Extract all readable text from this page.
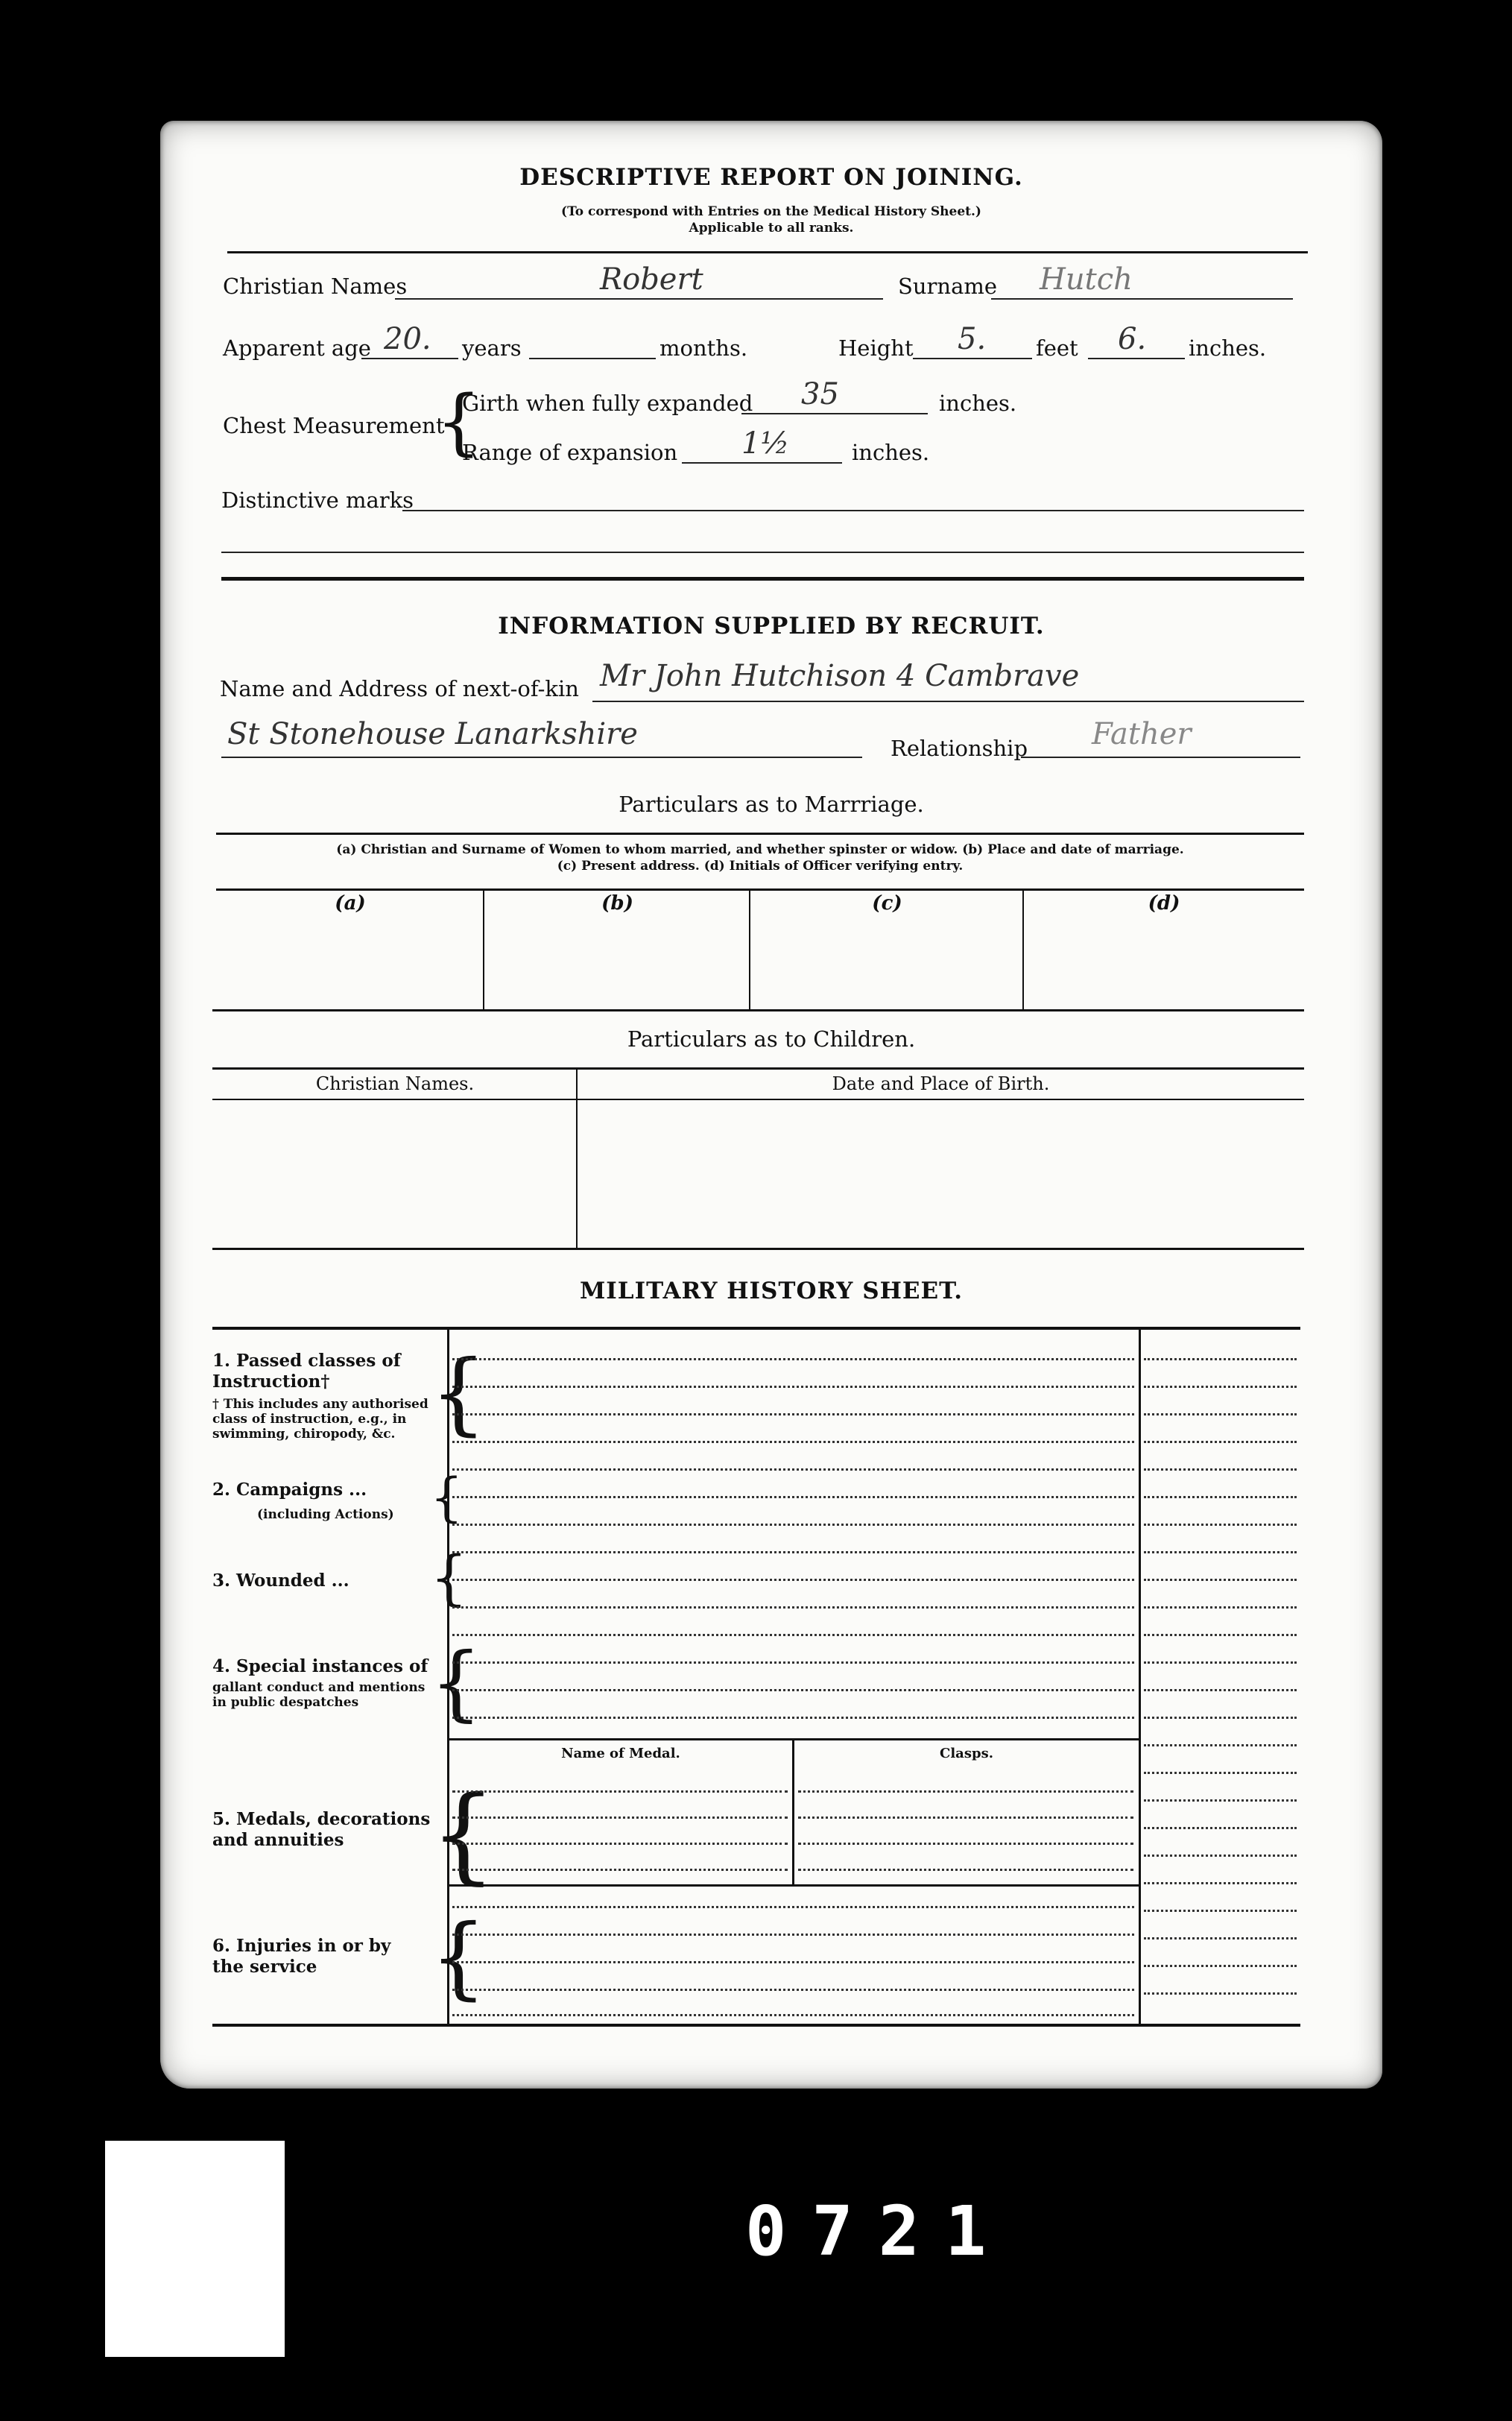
DESCRIPTIVE REPORT ON JOINING.
(To correspond with Entries on the Medical History Sheet.)
Applicable to all ranks.
Christian Names	Robert	Surname Hutch
Apparent age 20. years	months.	Height 5. feet 6. inches.
Chest Measurement
{
Girth when fully expanded 35	inches.
Range of expansion 1½	inches.
Distinctive marks
INFORMATION SUPPLIED BY RECRUIT.
Name and Address of next-of-kin Mr John Hutchison 4 Cambrave
St Stonehouse Lanarkshire	Relationship Father
Particulars as to Marrriage.
(a) Christian and Surname of Women to whom married, and whether spinster or widow. (b) Place and date of marriage.
(c) Present address. (d) Initials of Officer verifying entry.
(a)	(b)	(c)	(d)
Particulars as to Children.
Christian Names.	Date and Place of Birth.
MILITARY HISTORY SHEET.
1. Passed classes of Instruction†
† This includes any authorised class of instruction, e.g., in swimming, chiropody, &c. {
2. Campaigns ...
(including Actions) {
3. Wounded ...	{
4. Special instances of
gallant conduct and mentions in public despatches {
Name of Medal.	Clasps.
5. Medals, decorations and annuities {
6. Injuries in or by the service	{
0721
